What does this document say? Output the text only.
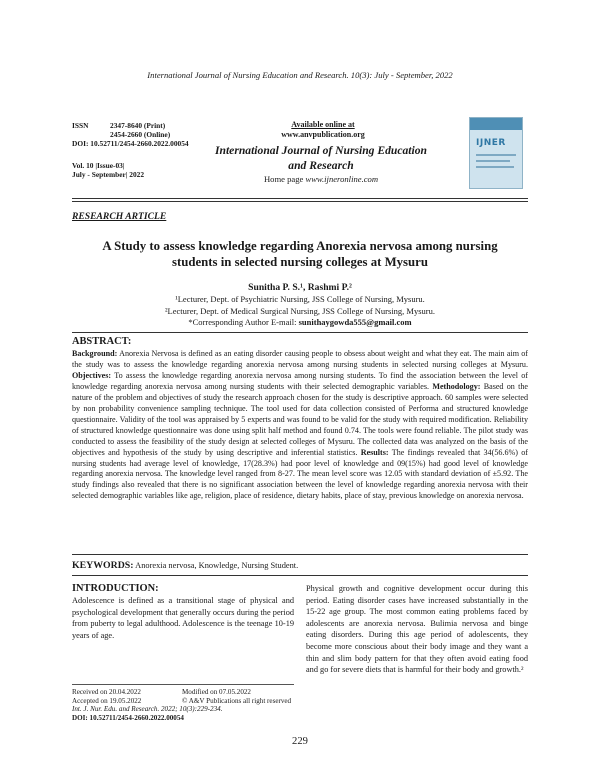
International Journal of Nursing Education and Research. 10(3): July - September, 2022
ISSN	2347-8640 (Print)
2454-2660 (Online)
DOI: 10.52711/2454-2660.2022.00054
Vol. 10 |Issue-03|
July - September| 2022
Available online at
www.anvpublication.org
International Journal of Nursing Education
and Research
Home page www.ijneronline.com
IJNER
RESEARCH ARTICLE
A Study to assess knowledge regarding Anorexia nervosa among nursing
students in selected nursing colleges at Mysuru
Sunitha P. S.¹, Rashmi P.²
¹Lecturer, Dept. of Psychiatric Nursing, JSS College of Nursing, Mysuru.
²Lecturer, Dept. of Medical Surgical Nursing, JSS College of Nursing, Mysuru.
*Corresponding Author E-mail: sunithaygowda555@gmail.com
ABSTRACT:
Background: Anorexia Nervosa is defined as an eating disorder causing people to obsess about weight and what they eat. The main aim of the study was to assess the knowledge regarding anorexia nervosa among nursing students in selected nursing colleges at Mysuru. Objectives: To assess the knowledge regarding anorexia nervosa among nursing students. To find the association between the level of knowledge regarding anorexia nervosa among nursing students with their selected demographic variables. Methodology: Based on the nature of the problem and objectives of study the research approach chosen for the study is descriptive approach. 60 samples were selected by non probability convenience sampling technique. The tool used for data collection consisted of Performa and structured knowledge questionnaire. Validity of the tool was appraised by 5 experts and was found to be valid for the study with required modification. Reliability of structured knowledge questionnaire was done using split half method and found 0.74. The tools were found reliable. The pilot study was conducted to assess the feasibility of the study design at selected colleges of Mysuru. The collected data was analyzed on the basis of the objectives and hypothesis of the study by using descriptive and inferential statistics. Results: The findings revealed that 34(56.6%) of nursing students had average level of knowledge, 17(28.3%) had poor level of knowledge and 09(15%) had good level of knowledge regarding anorexia nervosa. The knowledge level ranged from 8-27. The mean level score was 12.05 with standard deviation of ±5.92. The study findings also revealed that there is no significant association between the level of knowledge regarding anorexia nervosa with their selected demographic variables like age, religion, place of residence, dietary habits, place of stay, previous knowledge on anorexia nervosa.
KEYWORDS: Anorexia nervosa, Knowledge, Nursing Student.
INTRODUCTION:
Adolescence is defined as a transitional stage of physical and psychological development that generally occurs during the period from puberty to legal adulthood. Adolescence is the teenage 10-19 years of age.
Physical growth and cognitive development occur during this period. Eating disorder cases have increased substantially in the 15-22 age group. The most common eating problems faced by adolescents are anorexia nervosa. Bulimia nervosa and binge eating disorders. During this age period of adolescents, they become more conscious about their body image and they want a thin and slim body pattern for that they often avoid eating food and go for severe diets that is harmful for their body and growth.²
Received on 20.04.2022	Modified on 07.05.2022
Accepted on 19.05.2022	© A&V Publications all right reserved
Int. J. Nur. Edu. and Research. 2022; 10(3):229-234.
DOI: 10.52711/2454-2660.2022.00054
229
